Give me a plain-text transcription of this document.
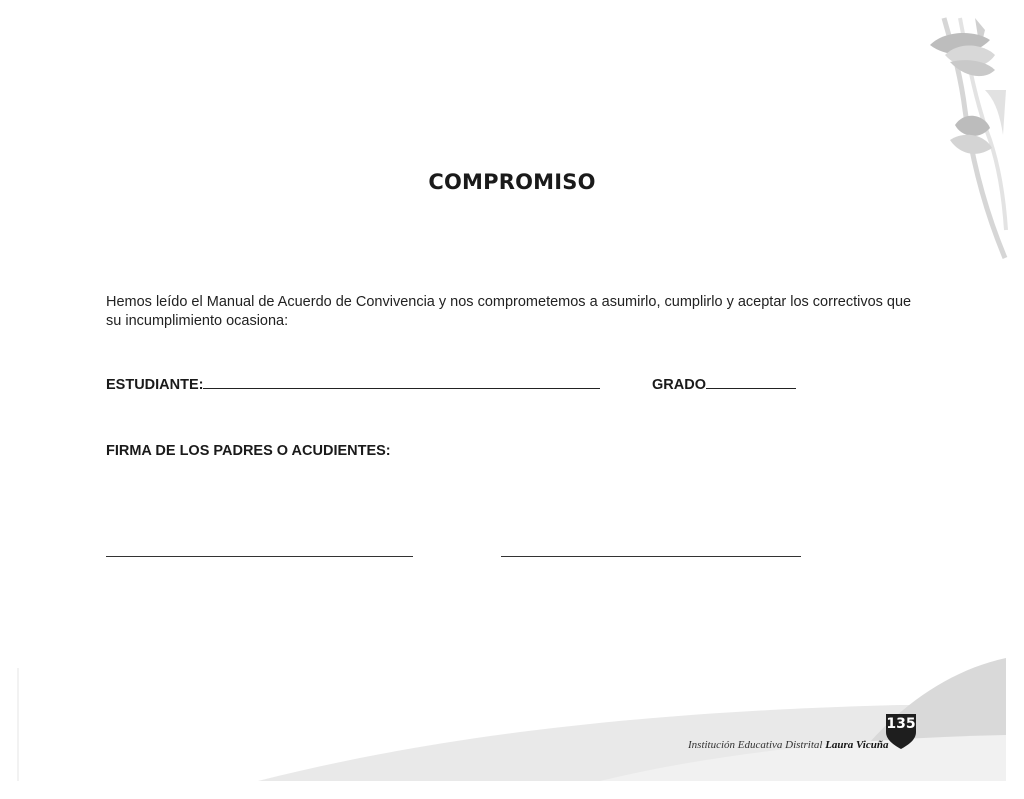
COMPROMISO
Hemos leído el Manual de Acuerdo de Convivencia y nos comprometemos a asumirlo, cumplirlo y aceptar los correctivos que su incumplimiento ocasiona:
ESTUDIANTE:	GRADO
FIRMA DE LOS PADRES O ACUDIENTES:
Institución Educativa Distrital Laura Vicuña
135
